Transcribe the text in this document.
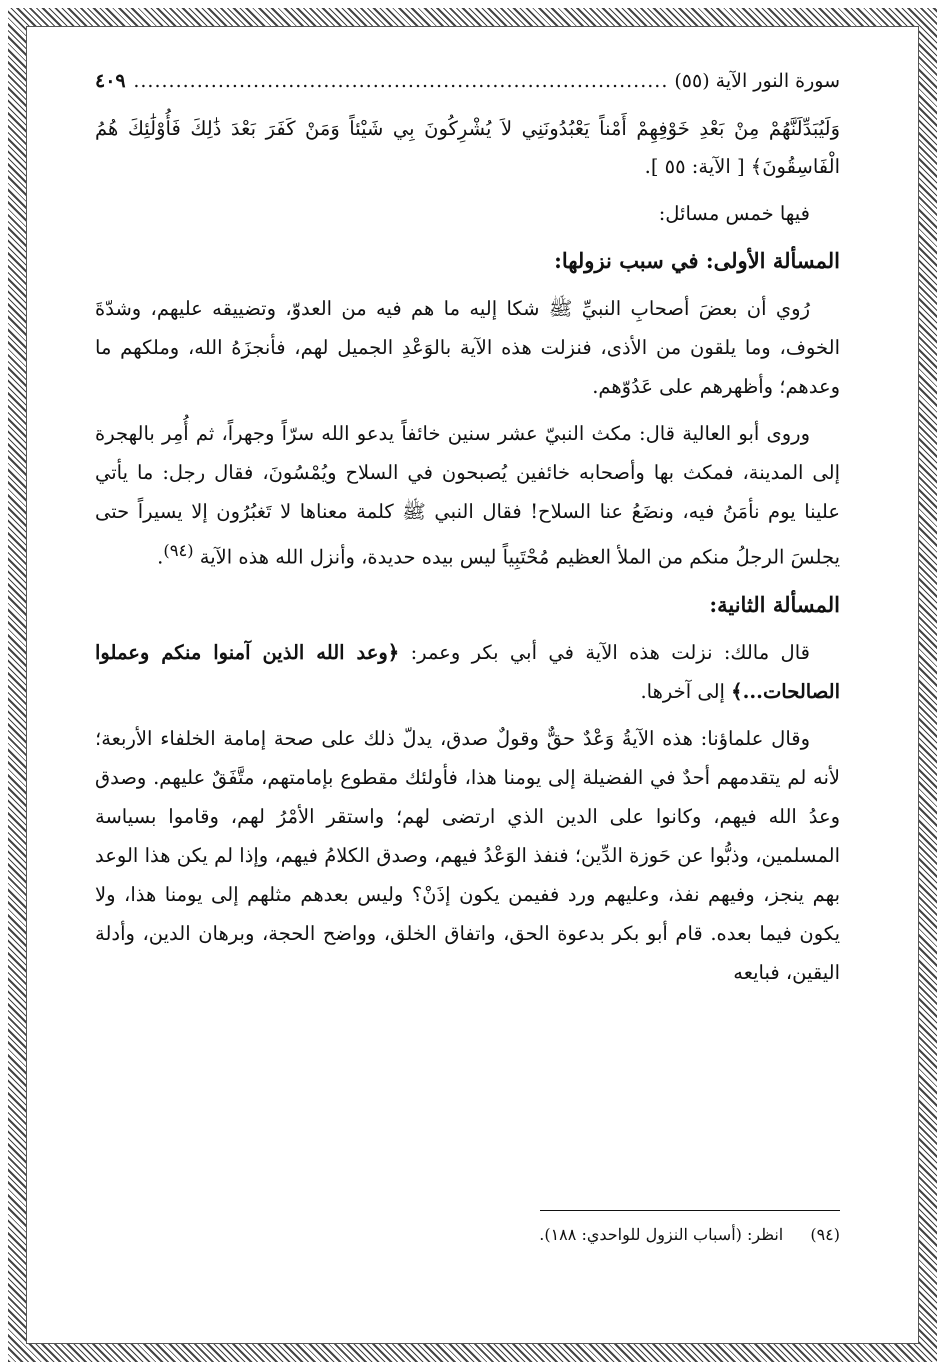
سورة النور الآية (٥٥)
.....
٤٠٩
وَلَيُبَدِّلَنَّهُمْ مِنْ بَعْدِ خَوْفِهِمْ أَمْناً يَعْبُدُونَنِي لاَ يُشْرِكُونَ بِي شَيْئاً وَمَنْ كَفَرَ بَعْدَ ذَٰلِكَ فَأُوْلَٰئِكَ هُمُ الْفَاسِقُونَ﴾ [ الآية: ٥٥ ].

فيها خمس مسائل:

المسألة الأولى: في سبب نزولها:

رُوي أن بعضَ أصحابِ النبيِّ ﷺ شكا إليه ما هم فيه من العدوّ، وتضييقه عليهم، وشدّةَ الخوف، وما يلقون من الأذى، فنزلت هذه الآية بالوَعْدِ الجميل لهم، فأنجزَهُ الله، وملكهم ما وعدهم؛ وأظهرهم على عَدُوّهم.

وروى أبو العالية قال: مكث النبيّ عشر سنين خائفاً يدعو الله سرّاً وجهراً، ثم أُمِر بالهجرة إلى المدينة، فمكث بها وأصحابه خائفين يُصبحون في السلاح ويُمْسُونَ، فقال رجل: ما يأتي علينا يوم نأمَنُ فيه، ونضَعُ عنا السلاح! فقال النبي ﷺ كلمة معناها لا تَغبُرُون إلا يسيراً حتى يجلسَ الرجلُ منكم من الملأ العظيم مُحْتَبِياً ليس بيده حديدة، وأنزل الله هذه الآية $^{(٩٤)}$.

المسألة الثانية:

قال مالك: نزلت هذه الآية في أبي بكر وعمر: ﴿وعد الله الذين آمنوا منكم وعملوا الصالحات...﴾ إلى آخرها.

وقال علماؤنا: هذه الآيةُ وَعْدٌ حقٌّ وقولٌ صدق، يدلّ ذلك على صحة إمامة الخلفاء الأربعة؛ لأنه لم يتقدمهم أحدٌ في الفضيلة إلى يومنا هذا، فأولئك مقطوع بإمامتهم، متَّفَقٌ عليهم. وصدق وعدُ الله فيهم، وكانوا على الدين الذي ارتضى لهم؛ واستقر الأمْرُ لهم، وقاموا بسياسة المسلمين، وذبُّوا عن حَوزة الدِّين؛ فنفذ الوَعْدُ فيهم، وصدق الكلامُ فيهم، وإذا لم يكن هذا الوعد بهم ينجز، وفيهم نفذ، وعليهم ورد ففيمن يكون إذَنْ؟ وليس بعدهم مثلهم إلى يومنا هذا، ولا يكون فيما بعده. قام أبو بكر بدعوة الحق، واتفاق الخلق، وواضح الحجة، وبرهان الدين، وأدلة اليقين، فبايعه

(٩٤) انظر: (أسباب النزول للواحدي: ١٨٨).
